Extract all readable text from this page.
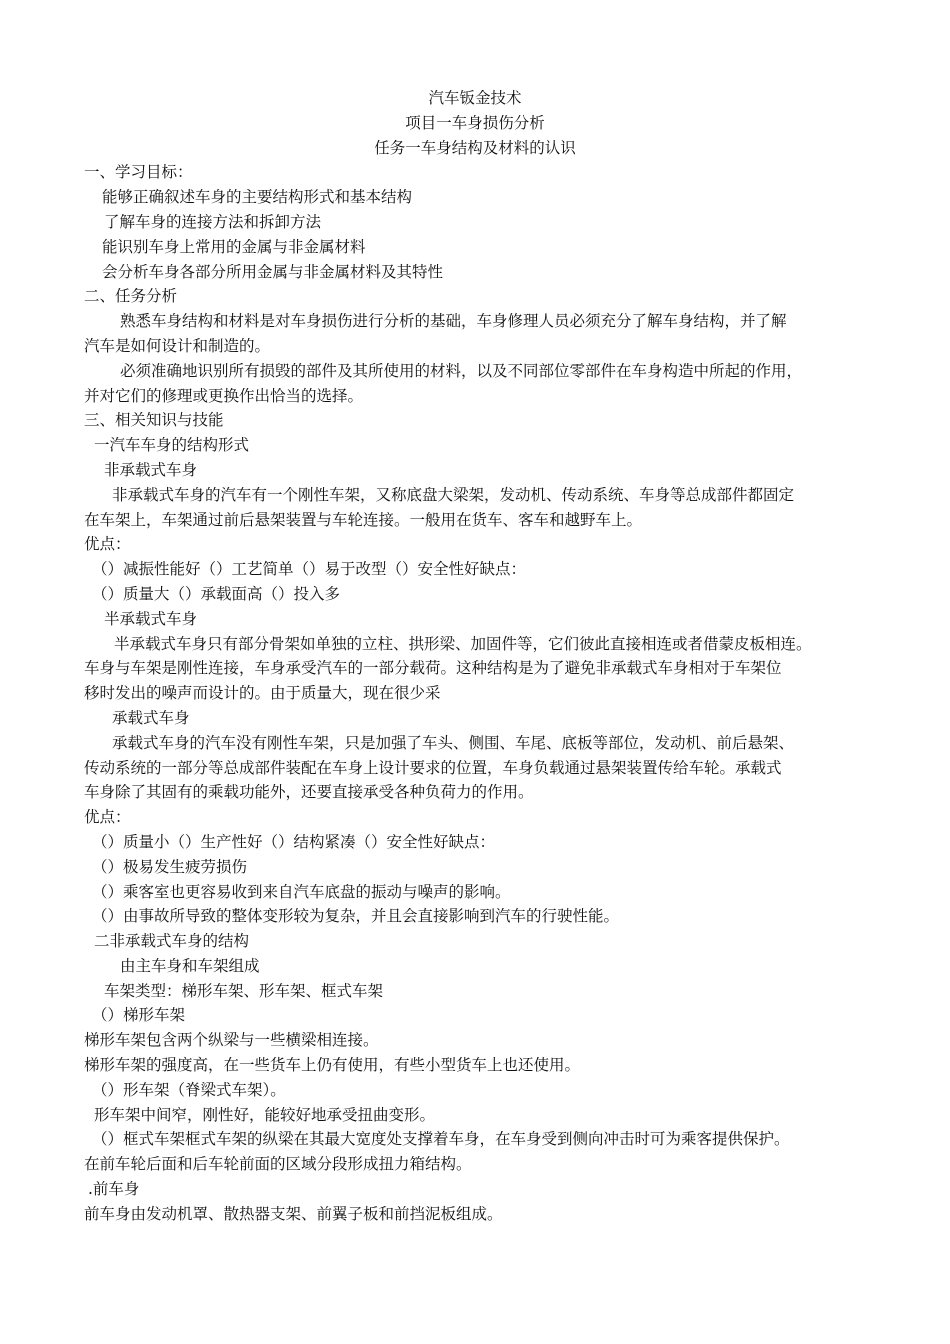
汽车钣金技术
项目一车身损伤分析
任务一车身结构及材料的认识
一、学习目标：
能够正确叙述车身的主要结构形式和基本结构
了解车身的连接方法和拆卸方法
能识别车身上常用的金属与非金属材料
会分析车身各部分所用金属与非金属材料及其特性
二、任务分析
熟悉车身结构和材料是对车身损伤进行分析的基础，车身修理人员必须充分了解车身结构，并了解
汽车是如何设计和制造的。
必须准确地识别所有损毁的部件及其所使用的材料，以及不同部位零部件在车身构造中所起的作用，
并对它们的修理或更换作出恰当的选择。
三、相关知识与技能
一汽车车身的结构形式
非承载式车身
非承载式车身的汽车有一个刚性车架，又称底盘大梁架，发动机、传动系统、车身等总成部件都固定
在车架上，车架通过前后悬架装置与车轮连接。一般用在货车、客车和越野车上。
优点：
（）减振性能好（）工艺简单（）易于改型（）安全性好缺点：
（）质量大（）承载面高（）投入多
半承载式车身
半承载式车身只有部分骨架如单独的立柱、拱形梁、加固件等，它们彼此直接相连或者借蒙皮板相连。
车身与车架是刚性连接，车身承受汽车的一部分载荷。这种结构是为了避免非承载式车身相对于车架位
移时发出的噪声而设计的。由于质量大，现在很少采
承载式车身
承载式车身的汽车没有刚性车架，只是加强了车头、侧围、车尾、底板等部位，发动机、前后悬架、
传动系统的一部分等总成部件装配在车身上设计要求的位置，车身负载通过悬架装置传给车轮。承载式
车身除了其固有的乘载功能外，还要直接承受各种负荷力的作用。
优点：
（）质量小（）生产性好（）结构紧凑（）安全性好缺点：
（）极易发生疲劳损伤
（）乘客室也更容易收到来自汽车底盘的振动与噪声的影响。
（）由事故所导致的整体变形较为复杂，并且会直接影响到汽车的行驶性能。
二非承载式车身的结构
由主车身和车架组成
车架类型：梯形车架、形车架、框式车架
（）梯形车架
梯形车架包含两个纵梁与一些横梁相连接。
梯形车架的强度高，在一些货车上仍有使用，有些小型货车上也还使用。
（）形车架（脊梁式车架）。
形车架中间窄，刚性好，能较好地承受扭曲变形。
（）框式车架框式车架的纵梁在其最大宽度处支撑着车身，在车身受到侧向冲击时可为乘客提供保护。
在前车轮后面和后车轮前面的区域分段形成扭力箱结构。
.前车身
前车身由发动机罩、散热器支架、前翼子板和前挡泥板组成。
